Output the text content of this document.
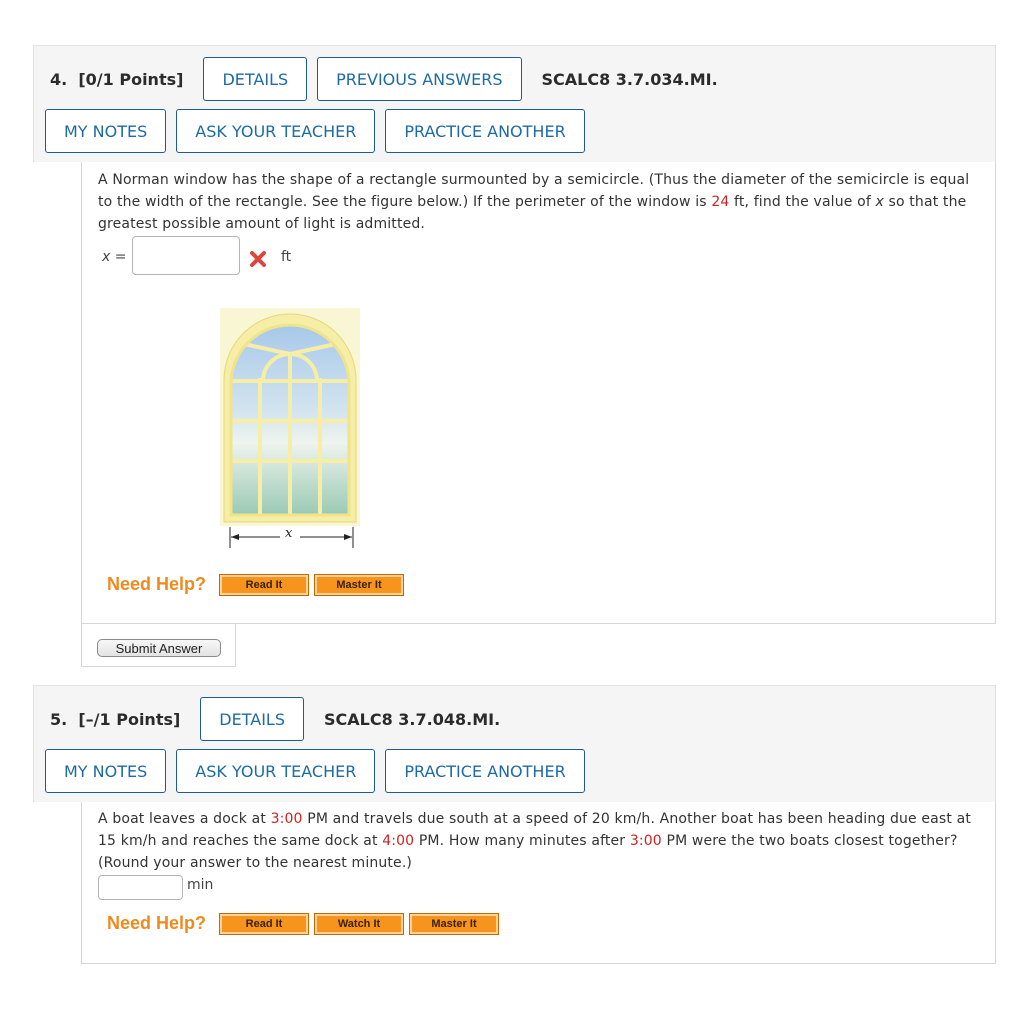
4. [0/1 Points]	DETAILS	PREVIOUS ANSWERS	SCALC8 3.7.034.MI.
MY NOTES	ASK YOUR TEACHER	PRACTICE ANOTHER
A Norman window has the shape of a rectangle surmounted by a semicircle. (Thus the diameter of the semicircle is equal to the width of the rectangle. See the figure below.) If the perimeter of the window is 24 ft, find the value of x so that the greatest possible amount of light is admitted.
x =	ft
x
Need Help?	Read It	Master It
Submit Answer
5. [–/1 Points]	DETAILS	SCALC8 3.7.048.MI.
MY NOTES	ASK YOUR TEACHER	PRACTICE ANOTHER
A boat leaves a dock at 3:00 PM and travels due south at a speed of 20 km/h. Another boat has been heading due east at 15 km/h and reaches the same dock at 4:00 PM. How many minutes after 3:00 PM were the two boats closest together? (Round your answer to the nearest minute.)
min
Need Help?	Read It	Watch It	Master It
